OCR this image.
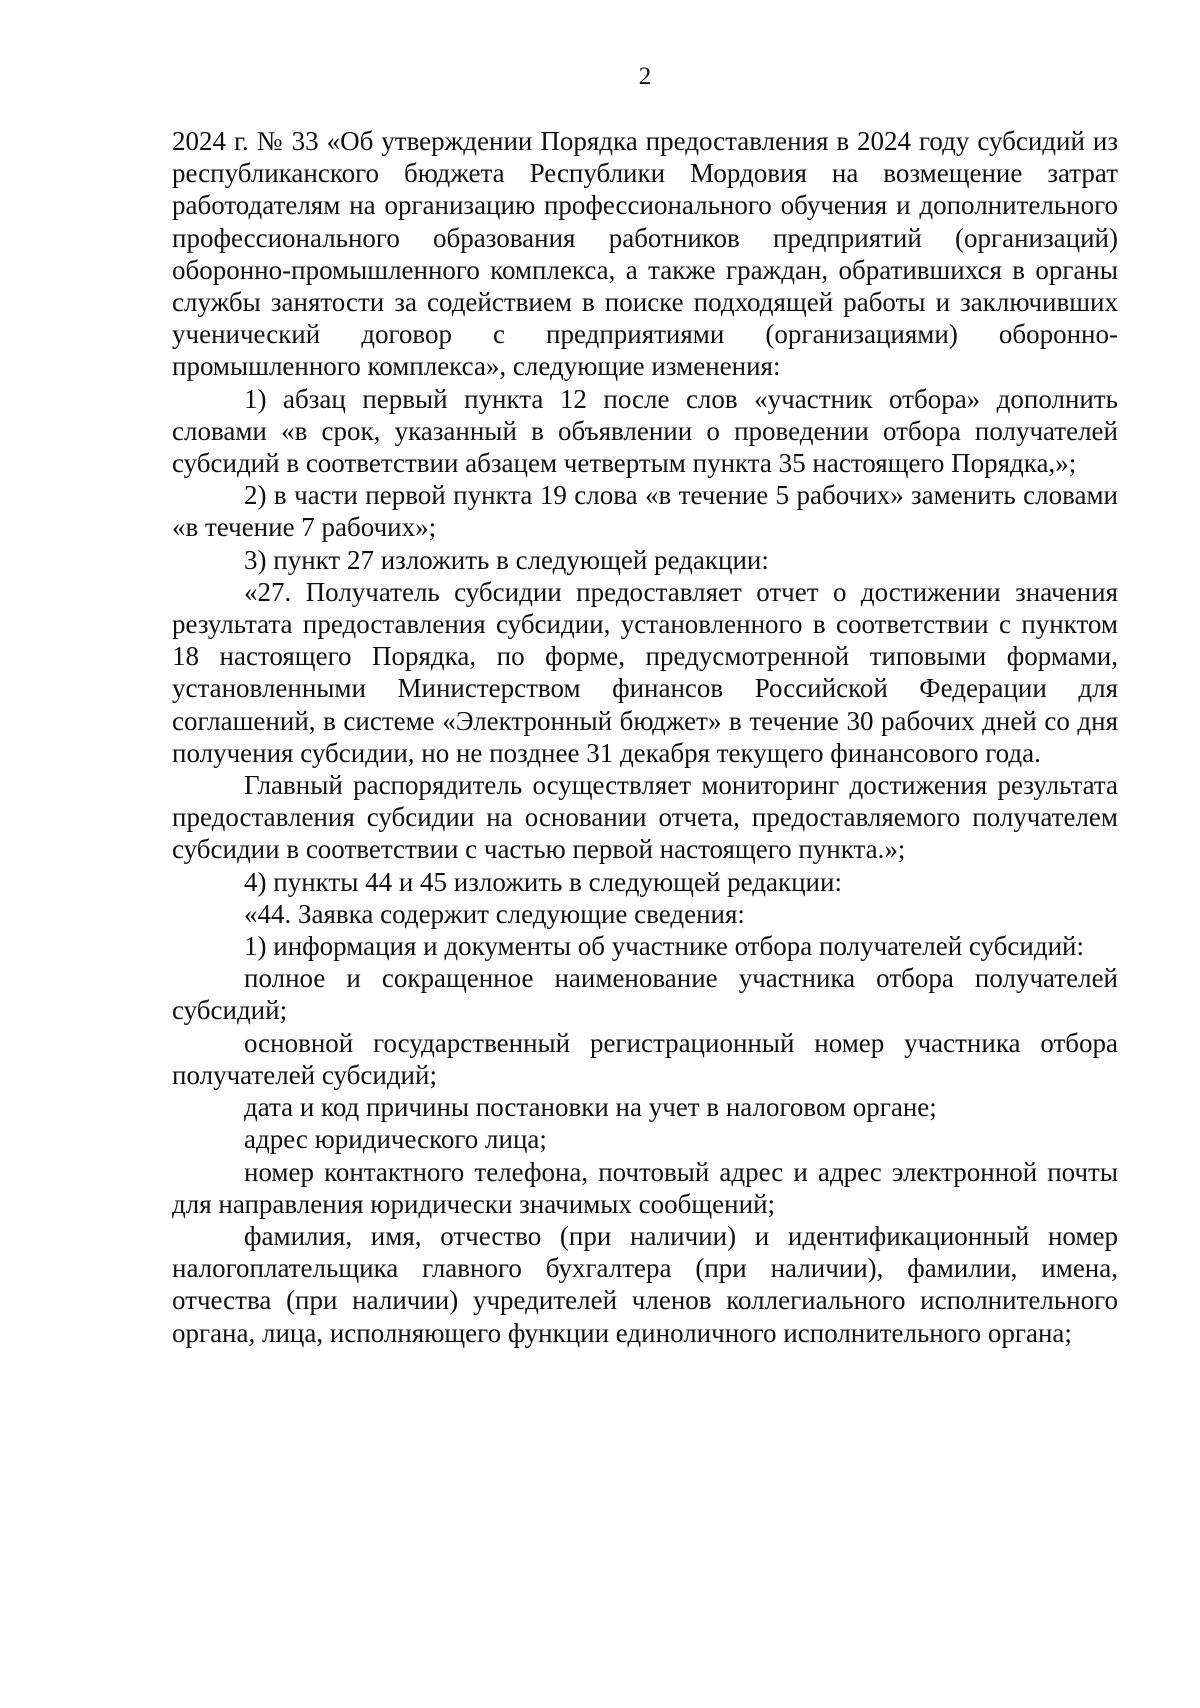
2

2024 г. № 33 «Об утверждении Порядка предоставления в 2024 году субсидий из республиканского бюджета Республики Мордовия на возмещение затрат работодателям на организацию профессионального обучения и дополнительного профессионального образования работников предприятий (организаций) оборонно-промышленного комплекса, а также граждан, обратившихся в органы службы занятости за содействием в поиске подходящей работы и заключивших ученический договор с предприятиями (организациями) оборонно-промышленного комплекса», следующие изменения:

1) абзац первый пункта 12 после слов «участник отбора» дополнить словами «в срок, указанный в объявлении о проведении отбора получателей субсидий в соответствии абзацем четвертым пункта 35 настоящего Порядка,»;

2) в части первой пункта 19 слова «в течение 5 рабочих» заменить словами «в течение 7 рабочих»;

3) пункт 27 изложить в следующей редакции:

«27. Получатель субсидии предоставляет отчет о достижении значения результата предоставления субсидии, установленного в соответствии с пунктом 18 настоящего Порядка, по форме, предусмотренной типовыми формами, установленными Министерством финансов Российской Федерации для соглашений, в системе «Электронный бюджет» в течение 30 рабочих дней со дня получения субсидии, но не позднее 31 декабря текущего финансового года.

Главный распорядитель осуществляет мониторинг достижения результата предоставления субсидии на основании отчета, предоставляемого получателем субсидии в соответствии с частью первой настоящего пункта.»;

4) пункты 44 и 45 изложить в следующей редакции:

«44. Заявка содержит следующие сведения:

1) информация и документы об участнике отбора получателей субсидий:

полное и сокращенное наименование участника отбора получателей субсидий;

основной государственный регистрационный номер участника отбора получателей субсидий;

дата и код причины постановки на учет в налоговом органе;

адрес юридического лица;

номер контактного телефона, почтовый адрес и адрес электронной почты для направления юридически значимых сообщений;

фамилия, имя, отчество (при наличии) и идентификационный номер налогоплательщика главного бухгалтера (при наличии), фамилии, имена, отчества (при наличии) учредителей членов коллегиального исполнительного органа, лица, исполняющего функции единоличного исполнительного органа;
